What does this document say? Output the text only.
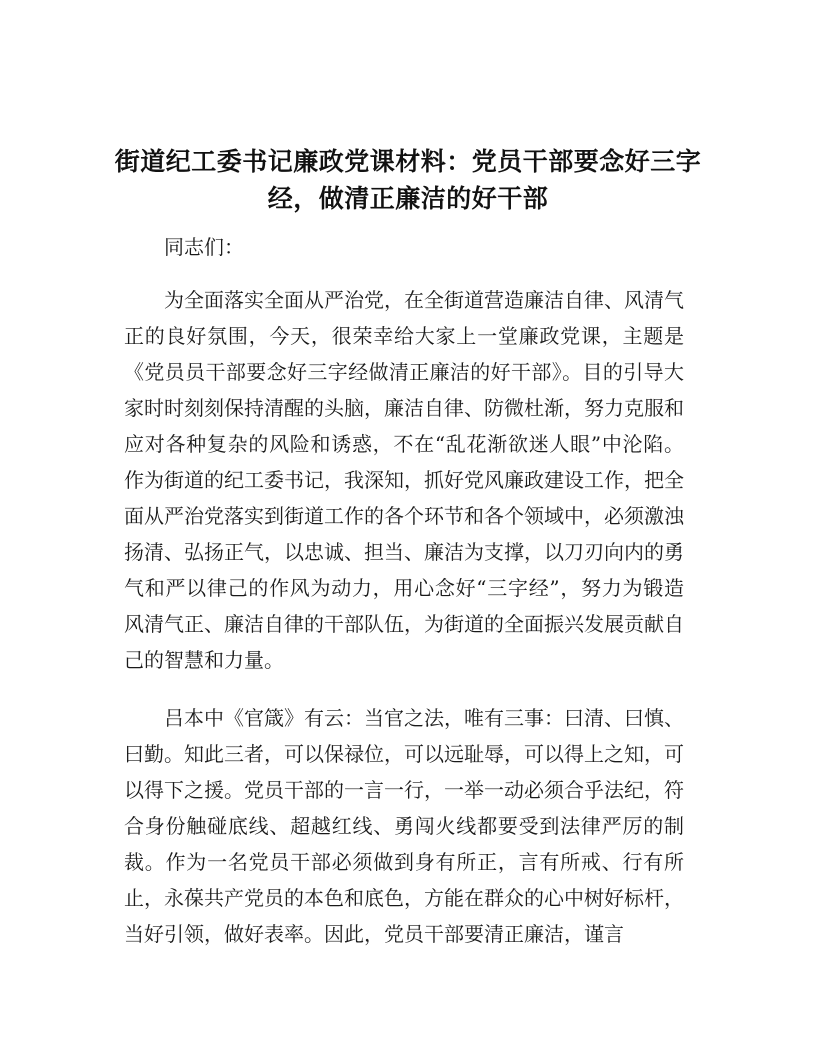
街道纪工委书记廉政党课材料：党员干部要念好三字经，做清正廉洁的好干部

同志们：

为全面落实全面从严治党，在全街道营造廉洁自律、风清气正的良好氛围，今天，很荣幸给大家上一堂廉政党课，主题是《党员员干部要念好三字经做清正廉洁的好干部》。目的引导大家时时刻刻保持清醒的头脑，廉洁自律、防微杜渐，努力克服和应对各种复杂的风险和诱惑，不在“乱花渐欲迷人眼”中沦陷。作为街道的纪工委书记，我深知，抓好党风廉政建设工作，把全面从严治党落实到街道工作的各个环节和各个领域中，必须激浊扬清、弘扬正气，以忠诚、担当、廉洁为支撑，以刀刃向内的勇气和严以律己的作风为动力，用心念好“三字经”，努力为锻造风清气正、廉洁自律的干部队伍，为街道的全面振兴发展贡献自己的智慧和力量。

吕本中《官箴》有云：当官之法，唯有三事：曰清、曰慎、曰勤。知此三者，可以保禄位，可以远耻辱，可以得上之知，可以得下之援。党员干部的一言一行，一举一动必须合乎法纪，符合身份触碰底线、超越红线、勇闯火线都要受到法律严厉的制裁。作为一名党员干部必须做到身有所正，言有所戒、行有所止，永葆共产党员的本色和底色，方能在群众的心中树好标杆，当好引领，做好表率。因此，党员干部要清正廉洁，谨言
